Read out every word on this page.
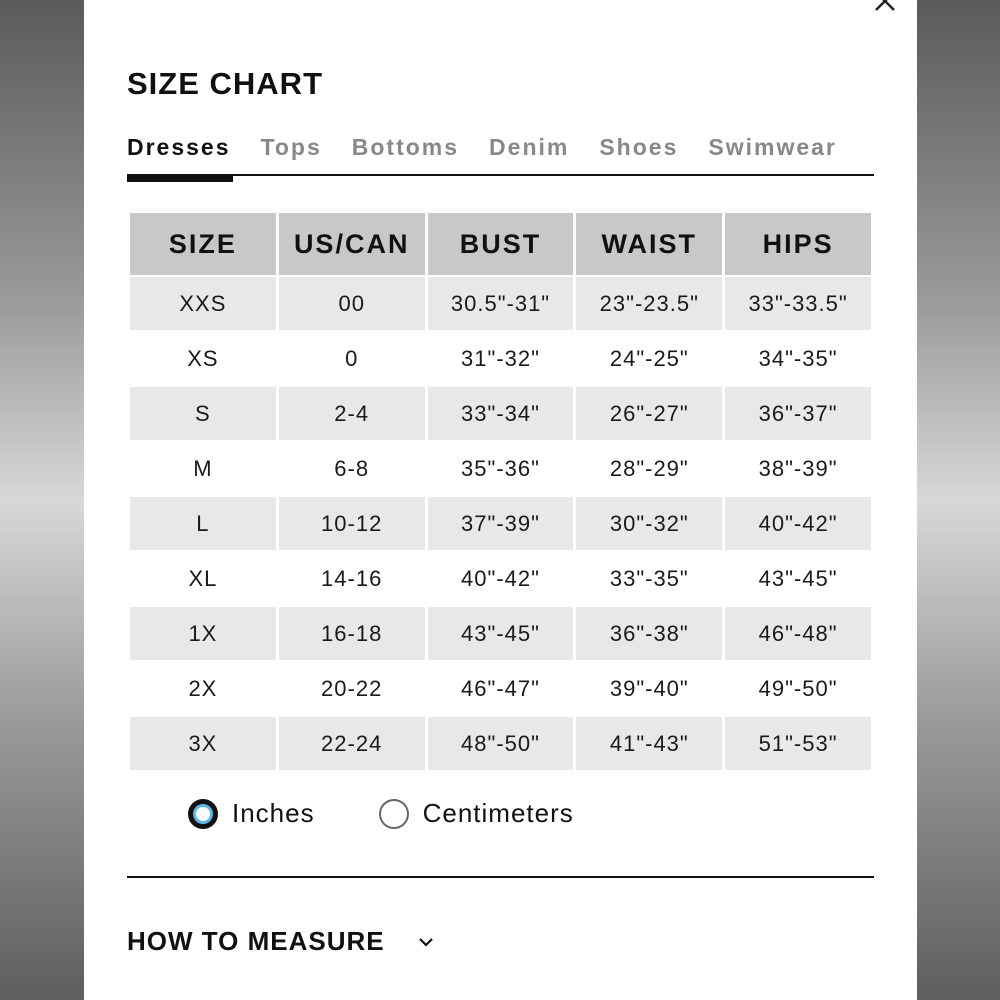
SIZE CHART
Dresses Tops Bottoms Denim Shoes Swimwear
SIZE	US/CAN	BUST	WAIST	HIPS
XXS	00	30.5"-31"	23"-23.5"	33"-33.5"
XS	0	31"-32"	24"-25"	34"-35"
S	2-4	33"-34"	26"-27"	36"-37"
M	6-8	35"-36"	28"-29"	38"-39"
L	10-12	37"-39"	30"-32"	40"-42"
XL	14-16	40"-42"	33"-35"	43"-45"
1X	16-18	43"-45"	36"-38"	46"-48"
2X	20-22	46"-47"	39"-40"	49"-50"
3X	22-24	48"-50"	41"-43"	51"-53"
Inches	Centimeters
HOW TO MEASURE
